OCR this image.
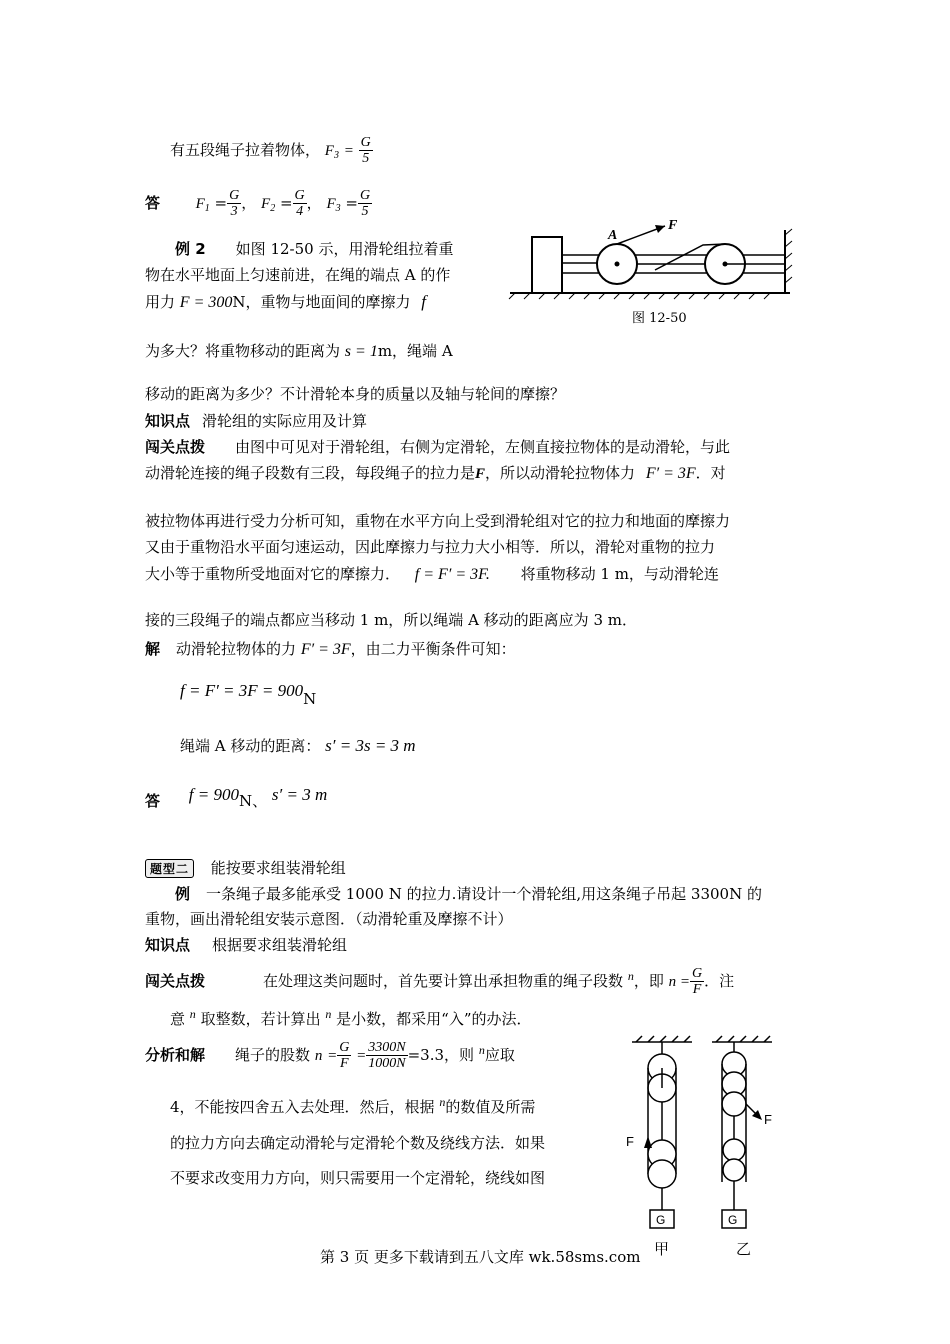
有五段绳子拉着物体， $F_3 = \frac{G}{5}$
答 $F_1 = \frac{G}{3}$ ， $F_2 = \frac{G}{4}$ ， $F_3 = \frac{G}{5}$
例 2 如图 12-50 示，用滑轮组拉着重
物在水平地面上匀速前进，在绳的端点 A 的作
用力 F = 300N，重物与地面间的摩擦力 f
为多大？将重物移动的距离为 s = 1m，绳端 A
移动的距离为多少？不计滑轮本身的质量以及轴与轮间的摩擦？
A
F
图 12-50
知识点 滑轮组的实际应用及计算
闯关点拨 由图中可见对于滑轮组，右侧为定滑轮，左侧直接拉物体的是动滑轮，与此
动滑轮连接的绳子段数有三段，每段绳子的拉力是F，所以动滑轮拉物体力 F′ = 3F．对
被拉物体再进行受力分析可知，重物在水平方向上受到滑轮组对它的拉力和地面的摩擦力
又由于重物沿水平面匀速运动，因此摩擦力与拉力大小相等．所以，滑轮对重物的拉力
大小等于重物所受地面对它的摩擦力． f = F′ = 3F. 将重物移动 1 m，与动滑轮连
接的三段绳子的端点都应当移动 1 m，所以绳端 A 移动的距离应为 3 m．
解 动滑轮拉物体的力 F′ = 3F，由二力平衡条件可知：
f = F′ = 3F = 900N
绳端 A 移动的距离： s′ = 3s = 3 m
答 f = 900N、 s′ = 3 m
题型二 能按要求组装滑轮组
例 一条绳子最多能承受 1000 N 的拉力.请设计一个滑轮组,用这条绳子吊起 3300N 的
重物，画出滑轮组安装示意图．（动滑轮重及摩擦不计）
知识点 根据要求组装滑轮组
闯关点拨	在处理这类问题时，首先要计算出承担物重的绳子段数 $^n$，即 $n = \frac{G}{F}$ ．注
意 $^n$ 取整数，若计算出 $^n$ 是小数，都采用“入”的办法．
分析和解 绳子的股数 $n = \frac{G}{F} = \frac{3300N}{1000N} =3.3$，则 $^n$应取
4，不能按四舍五入去处理．然后，根据 $^n$的数值及所需
的拉力方向去确定动滑轮与定滑轮个数及绕线方法．如果
不要求改变用力方向，则只需要用一个定滑轮，绕线如图
F
G
甲
F
G
乙
第 3 页 更多下载请到五八文库 wk.58sms.com
